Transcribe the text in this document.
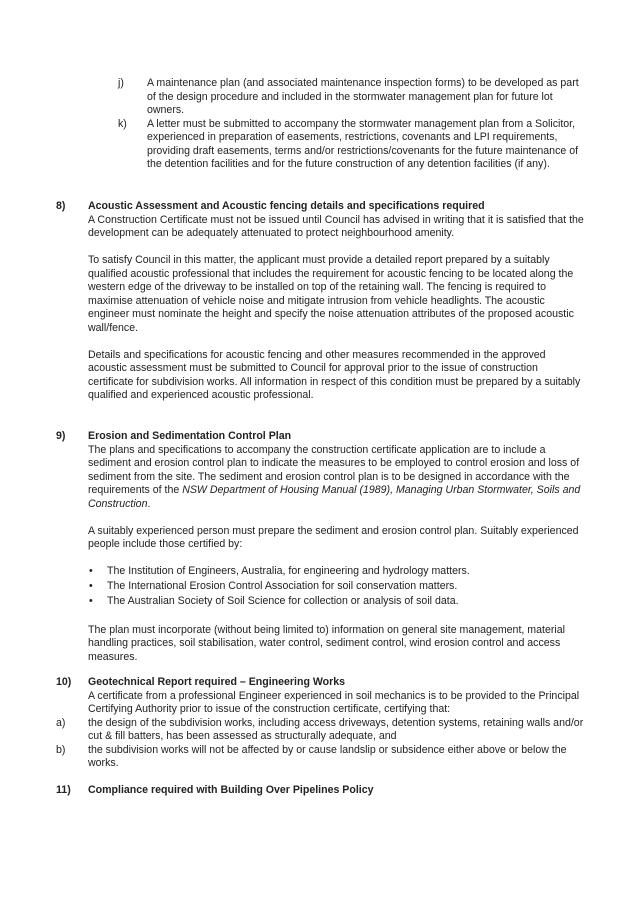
j)	A maintenance plan (and associated maintenance inspection forms) to be developed as part of the design procedure and included in the stormwater management plan for future lot owners.
k)	A letter must be submitted to accompany the stormwater management plan from a Solicitor, experienced in preparation of easements, restrictions, covenants and LPI requirements, providing draft easements, terms and/or restrictions/covenants for the future maintenance of the detention facilities and for the future construction of any detention facilities (if any).
8)	Acoustic Assessment and Acoustic fencing details and specifications required

A Construction Certificate must not be issued until Council has advised in writing that it is satisfied that the development can be adequately attenuated to protect neighbourhood amenity.

To satisfy Council in this matter, the applicant must provide a detailed report prepared by a suitably qualified acoustic professional that includes the requirement for acoustic fencing to be located along the western edge of the driveway to be installed on top of the retaining wall. The fencing is required to maximise attenuation of vehicle noise and mitigate intrusion from vehicle headlights. The acoustic engineer must nominate the height and specify the noise attenuation attributes of the proposed acoustic wall/fence.

Details and specifications for acoustic fencing and other measures recommended in the approved acoustic assessment must be submitted to Council for approval prior to the issue of construction certificate for subdivision works. All information in respect of this condition must be prepared by a suitably qualified and experienced acoustic professional.

9)	Erosion and Sedimentation Control Plan

The plans and specifications to accompany the construction certificate application are to include a sediment and erosion control plan to indicate the measures to be employed to control erosion and loss of sediment from the site. The sediment and erosion control plan is to be designed in accordance with the requirements of the NSW Department of Housing Manual (1989), Managing Urban Stormwater, Soils and Construction.

A suitably experienced person must prepare the sediment and erosion control plan. Suitably experienced people include those certified by:

•	The Institution of Engineers, Australia, for engineering and hydrology matters.
•	The International Erosion Control Association for soil conservation matters.
•	The Australian Society of Soil Science for collection or analysis of soil data.

The plan must incorporate (without being limited to) information on general site management, material handling practices, soil stabilisation, water control, sediment control, wind erosion control and access measures.

10)	Geotechnical Report required – Engineering Works

A certificate from a professional Engineer experienced in soil mechanics is to be provided to the Principal Certifying Authority prior to issue of the construction certificate, certifying that:

a)	the design of the subdivision works, including access driveways, detention systems, retaining walls and/or cut & fill batters, has been assessed as structurally adequate, and
b)	the subdivision works will not be affected by or cause landslip or subsidence either above or below the works.
11)	Compliance required with Building Over Pipelines Policy
